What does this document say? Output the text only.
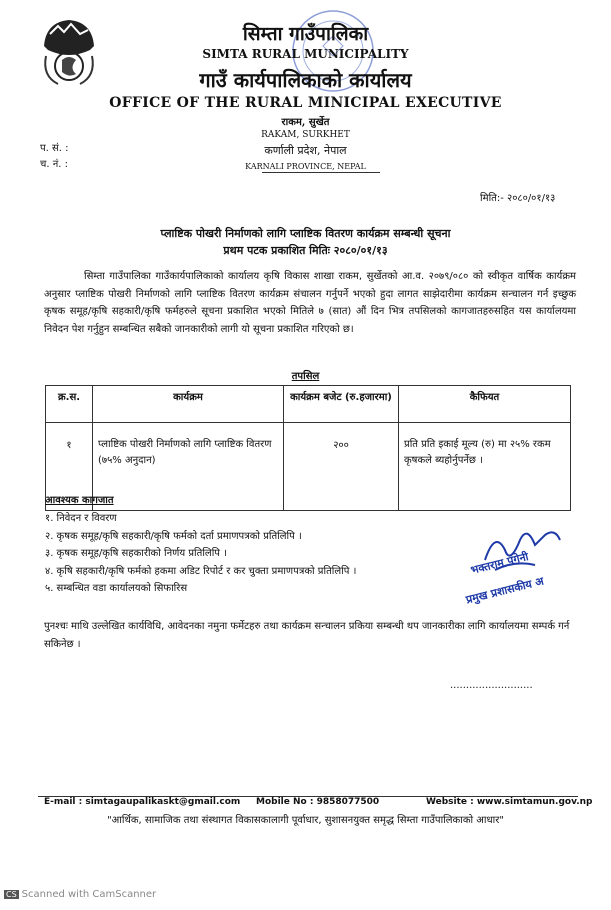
सिम्ता गाउँपालिका
SIMTA RURAL MUNICIPALITY
गाउँ कार्यपालिकाको कार्यालय
OFFICE OF THE RURAL MINICIPAL EXECUTIVE
राकम, सुर्खेत
RAKAM, SURKHET
कर्णाली प्रदेश, नेपाल
KARNALI PROVINCE, NEPAL
प. सं. :
च. नं. :
मिति:- २०८०/०१/१३
प्लाष्टिक पोखरी निर्माणको लागि प्लाष्टिक वितरण कार्यक्रम सम्बन्धी सूचना
प्रथम पटक प्रकाशित मितिः २०८०/०१/१३
सिम्ता गाउँपालिका गाउँकार्यपालिकाको कार्यालय कृषि विकास शाखा राकम, सुर्खेतको आ.व. २०७९/०८० को स्वीकृत वार्षिक कार्यक्रम अनुसार प्लाष्टिक पोखरी निर्माणको लागि प्लाष्टिक वितरण कार्यक्रम संचालन गर्नुपर्ने भएको हुदा लागत साझेदारीमा कार्यक्रम सन्चालन गर्न इच्छुक कृषक समूह/कृषि सहकारी/कृषि फर्महरुले सूचना प्रकाशित भएको मितिले ७ (सात) औं दिन भित्र तपसिलको कागजातहरुसहित यस कार्यालयमा निवेदन पेश गर्नुहुन सम्बन्धित सबैको जानकारीको लागी यो सूचना प्रकाशित गरिएको छ।
तपसिल
क्र.स.	कार्यक्रम	कार्यक्रम बजेट (रु.हजारमा)	कैफियत
१	प्लाष्टिक पोखरी निर्माणको लागि प्लाष्टिक वितरण (७५% अनुदान)	२००	प्रति प्रति इकाई मूल्य (रु) मा २५% रकम कृषकले ब्यहोर्नुपर्नेछ ।
आवश्यक कागजात
१. निवेदन र विवरण
२. कृषक समूह/कृषि सहकारी/कृषि फर्मको दर्ता प्रमाणपत्रको प्रतिलिपि ।
३. कृषक समूह/कृषि सहकारीको निर्णय प्रतिलिपि ।
४. कृषि सहकारी/कृषि फर्मको हकमा अडिट रिपोर्ट र कर चुक्ता प्रमाणपत्रको प्रतिलिपि ।
५. सम्बन्धित वडा कार्यालयको सिफारिस
भक्तराम पंगेनी
प्रमुख प्रशासकीय अ
पुनश्चः माथि उल्लेखित कार्यविधि, आवेदनका नमुना फर्मेटहरु तथा कार्यक्रम सन्चालन प्रकिया सम्बन्धी थप जानकारीका लागि कार्यालयमा सम्पर्क गर्न सकिनेछ ।
..........................
E-mail : simtagaupalikaskt@gmail.com Mobile No : 9858077500	Website : www.simtamun.gov.np
"आर्थिक, सामाजिक तथा संस्थागत विकासकालागी पूर्वाधार, सुशासनयुक्त समृद्ध सिम्ता गाउँपालिकाको आधार"
CS Scanned with CamScanner
